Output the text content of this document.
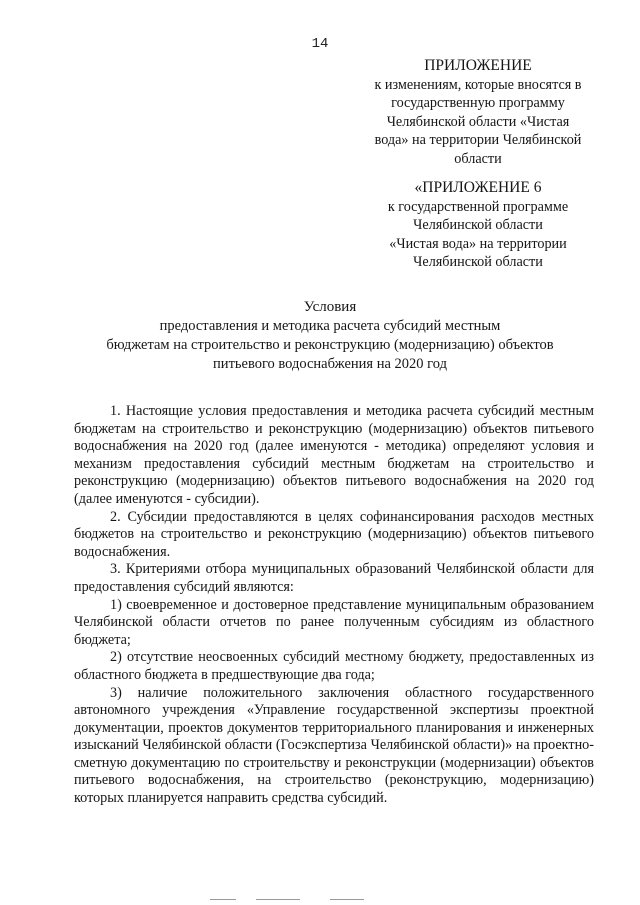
14
ПРИЛОЖЕНИЕ
к изменениям, которые вносятся в
государственную программу
Челябинской области «Чистая
вода» на территории Челябинской
области
«ПРИЛОЖЕНИЕ 6
к государственной программе
Челябинской области
«Чистая вода» на территории
Челябинской области
Условия
предоставления и методика расчета субсидий местным
бюджетам на строительство и реконструкцию (модернизацию) объектов
питьевого водоснабжения на 2020 год

1. Настоящие условия предоставления и методика расчета субсидий местным бюджетам на строительство и реконструкцию (модернизацию) объектов питьевого водоснабжения на 2020 год (далее именуются - методика) определяют условия и механизм предоставления субсидий местным бюджетам на строительство и реконструкцию (модернизацию) объектов питьевого водоснабжения на 2020 год (далее именуются - субсидии).

2. Субсидии предоставляются в целях софинансирования расходов местных бюджетов на строительство и реконструкцию (модернизацию) объектов питьевого водоснабжения.

3. Критериями отбора муниципальных образований Челябинской области для предоставления субсидий являются:

1) своевременное и достоверное представление муниципальным образованием Челябинской области отчетов по ранее полученным субсидиям из областного бюджета;

2) отсутствие неосвоенных субсидий местному бюджету, предоставленных из областного бюджета в предшествующие два года;

3) наличие положительного заключения областного государственного автономного учреждения «Управление государственной экспертизы проектной документации, проектов документов территориального планирования и инженерных изысканий Челябинской области (Госэкспертиза Челябинской области)» на проектно-сметную документацию по строительству и реконструкции (модернизации) объектов питьевого водоснабжения, на строительство (реконструкцию, модернизацию) которых планируется направить средства субсидий.
